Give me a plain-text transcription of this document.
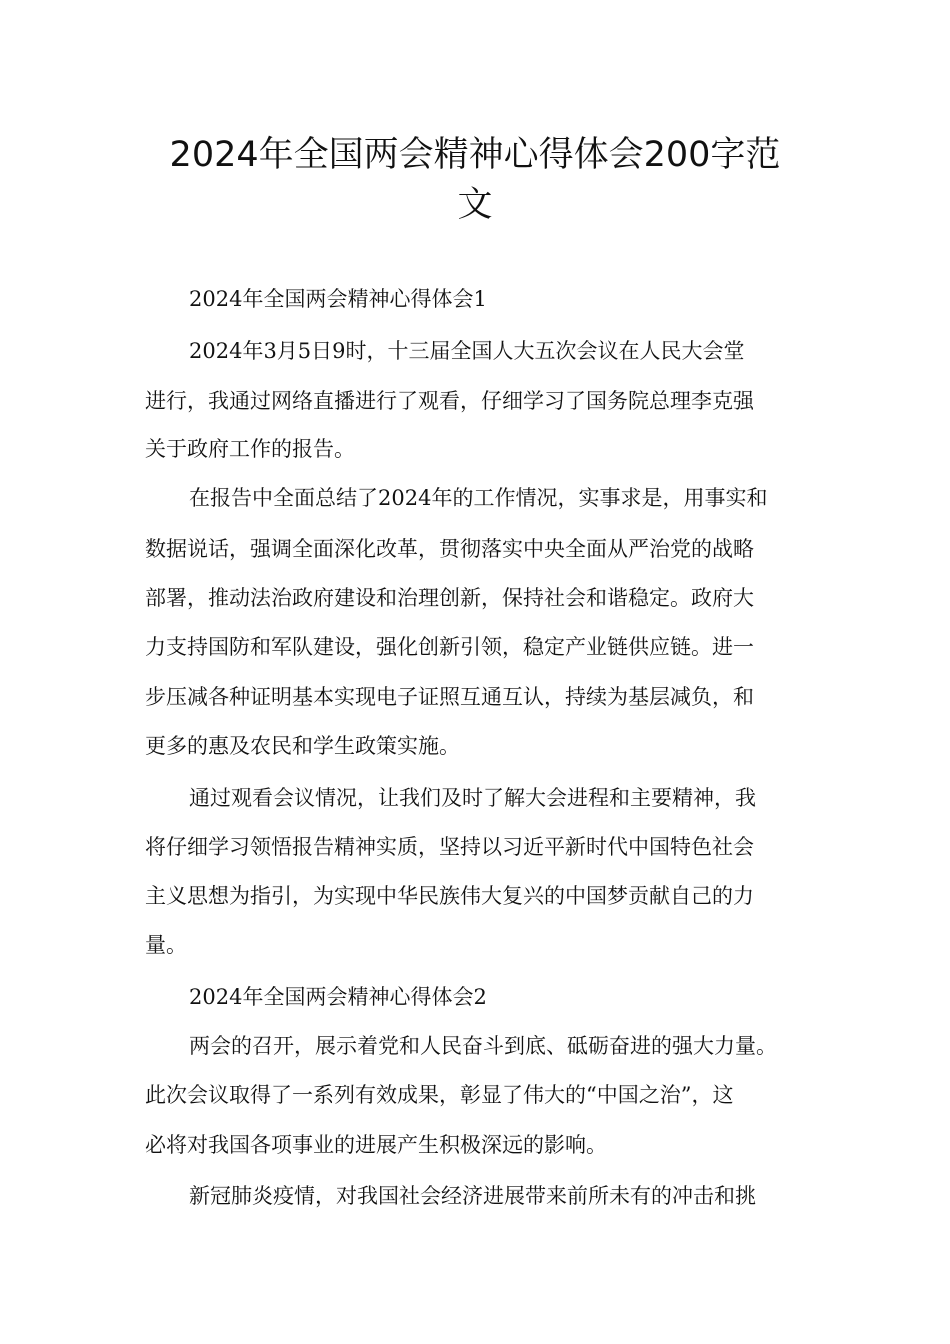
2024年全国两会精神心得体会200字范
文
2024年全国两会精神心得体会1
2024年3月5日9时，十三届全国人大五次会议在人民大会堂
进行，我通过网络直播进行了观看，仔细学习了国务院总理李克强
关于政府工作的报告。
在报告中全面总结了2024年的工作情况，实事求是，用事实和
数据说话，强调全面深化改革，贯彻落实中央全面从严治党的战略
部署，推动法治政府建设和治理创新，保持社会和谐稳定。政府大
力支持国防和军队建设，强化创新引领，稳定产业链供应链。进一
步压减各种证明基本实现电子证照互通互认，持续为基层减负，和
更多的惠及农民和学生政策实施。
通过观看会议情况，让我们及时了解大会进程和主要精神，我
将仔细学习领悟报告精神实质，坚持以习近平新时代中国特色社会
主义思想为指引，为实现中华民族伟大复兴的中国梦贡献自己的力
量。
2024年全国两会精神心得体会2
两会的召开，展示着党和人民奋斗到底、砥砺奋进的强大力量。
此次会议取得了一系列有效成果，彰显了伟大的“中国之治”，这
必将对我国各项事业的进展产生积极深远的影响。
新冠肺炎疫情，对我国社会经济进展带来前所未有的冲击和挑
